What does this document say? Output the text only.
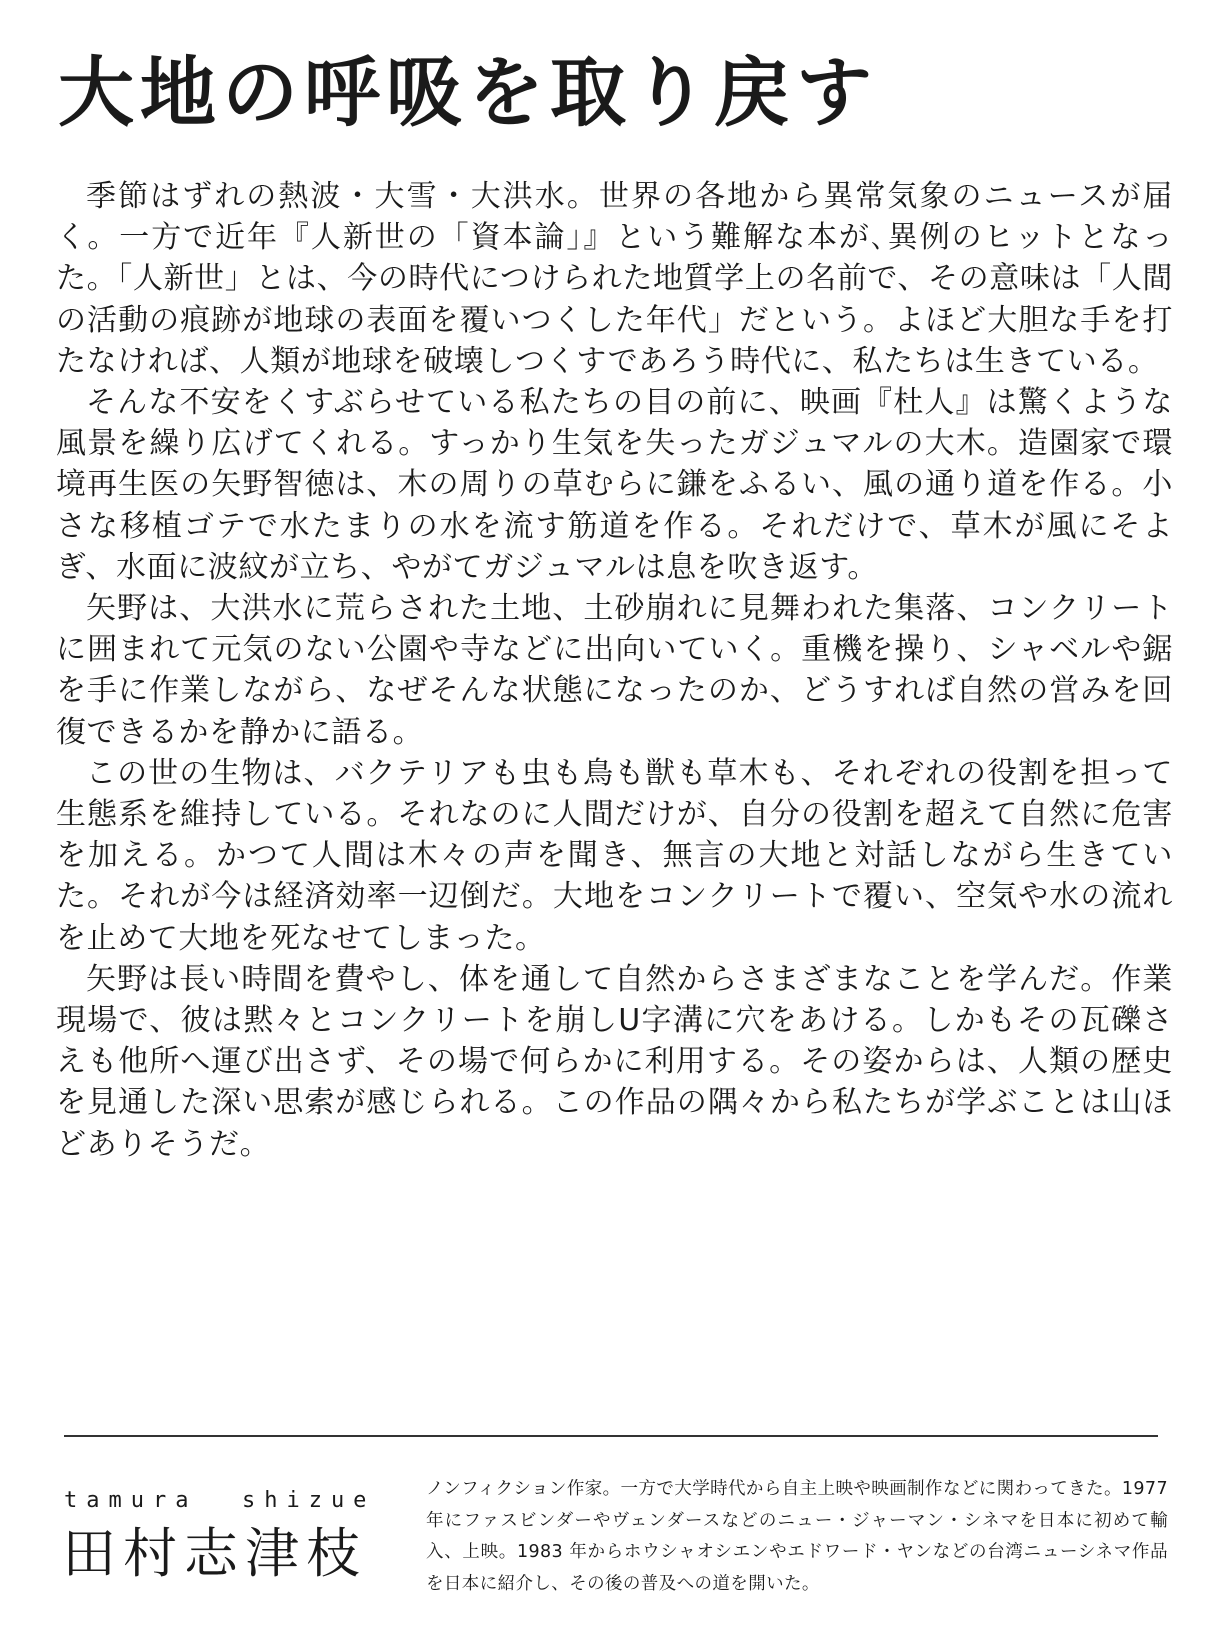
大地の呼吸を取り戻す

季節はずれの熱波・大雪・大洪水。世界の各地から異常気象のニュースが届く。一方で近年『人新世の「資本論」』という難解な本が､異例のヒットとなった。「人新世」とは、今の時代につけられた地質学上の名前で、その意味は「人間の活動の痕跡が地球の表面を覆いつくした年代」だという。よほど大胆な手を打たなければ、人類が地球を破壊しつくすであろう時代に、私たちは生きている。

そんな不安をくすぶらせている私たちの目の前に、映画『杜人』は驚くような風景を繰り広げてくれる。すっかり生気を失ったガジュマルの大木。造園家で環境再生医の矢野智徳は、木の周りの草むらに鎌をふるい、風の通り道を作る。小さな移植ゴテで水たまりの水を流す筋道を作る。それだけで、草木が風にそよぎ、水面に波紋が立ち、やがてガジュマルは息を吹き返す。

矢野は、大洪水に荒らされた土地、土砂崩れに見舞われた集落、コンクリートに囲まれて元気のない公園や寺などに出向いていく。重機を操り、シャベルや鋸を手に作業しながら、なぜそんな状態になったのか、どうすれば自然の営みを回復できるかを静かに語る。

この世の生物は、バクテリアも虫も鳥も獣も草木も、それぞれの役割を担って生態系を維持している。それなのに人間だけが、自分の役割を超えて自然に危害を加える。かつて人間は木々の声を聞き、無言の大地と対話しながら生きていた。それが今は経済効率一辺倒だ。大地をコンクリートで覆い、空気や水の流れを止めて大地を死なせてしまった。

矢野は長い時間を費やし、体を通して自然からさまざまなことを学んだ。作業現場で、彼は黙々とコンクリートを崩しU字溝に穴をあける。しかもその瓦礫さえも他所へ運び出さず、その場で何らかに利用する。その姿からは、人類の歴史を見通した深い思索が感じられる。この作品の隅々から私たちが学ぶことは山ほどありそうだ。

tamura  shizue
田村志津枝
ノンフィクション作家。一方で大学時代から自主上映や映画制作などに関わってきた。1977 年にファスビンダーやヴェンダースなどのニュー・ジャーマン・シネマを日本に初めて輸入、上映。1983 年からホウシャオシエンやエドワード・ヤンなどの台湾ニューシネマ作品を日本に紹介し、その後の普及への道を開いた。
